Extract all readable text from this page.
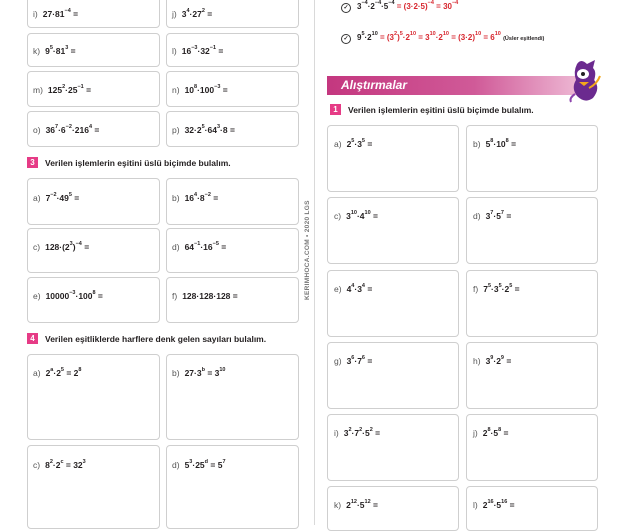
KERIMHOCA.COM • 2020 LGS
i) $27\cdot 81^{-4}$ =	j) $3^4\cdot 27^2$ =
k) $9^5\cdot 81^3$ =	l) $16^{-3}\cdot 32^{-1}$ =
m) $125^2\cdot 25^{-1}$ =	n) $10^8\cdot 100^{-3}$ =
o) $36^7\cdot 6^{-2}\cdot 216^4$ =	p) $32\cdot 2^5\cdot 64^3\cdot 8$ =
3	Verilen işlemlerin eşitini üslü biçimde bulalım.
a) $7^{-2}\cdot 49^5$ =	b) $16^4\cdot 8^{-2}$ =
c) $128\cdot(2^3)^{-4}$ =	d) $64^{-1}\cdot 16^{-5}$ =
e) $10000^{-3}\cdot 100^8$ =	f) 128·128·128 =
4	Verilen eşitliklerde harflere denk gelen sayıları bulalım.
a) $2^a\cdot 2^5 = 2^8$	b) $27\cdot 3^b = 3^{10}$
c) $8^2\cdot 2^c = 32^3$	d) $5^3\cdot 25^d = 5^7$
✓ $3^{-4}\cdot 2^{-4}\cdot 5^{-4} = (3\cdot 2\cdot 5)^{-4} = 30^{-4}$
✓ $9^5\cdot 2^{10} = (3^2)^5\cdot 2^{10} = 3^{10}\cdot 2^{10} = (3\cdot 2)^{10} = 6^{10}$ (Üsler eşitlendi)
Alıştırmalar
1	Verilen işlemlerin eşitini üslü biçimde bulalım.
a) $2^5\cdot 3^5$ =	b) $5^8\cdot 10^8$ =
c) $3^{10}\cdot 4^{10}$ =	d) $3^7\cdot 5^7$ =
e) $4^4\cdot 3^4$ =	f) $7^5\cdot 3^5\cdot 2^5$ =
g) $3^6\cdot 7^6$ =	h) $3^9\cdot 2^9$ =
i) $3^2\cdot 7^2\cdot 5^2$ =	j) $2^8\cdot 5^8$ =
k) $2^{12}\cdot 5^{12}$ =	l) $2^{16}\cdot 5^{16}$ =
